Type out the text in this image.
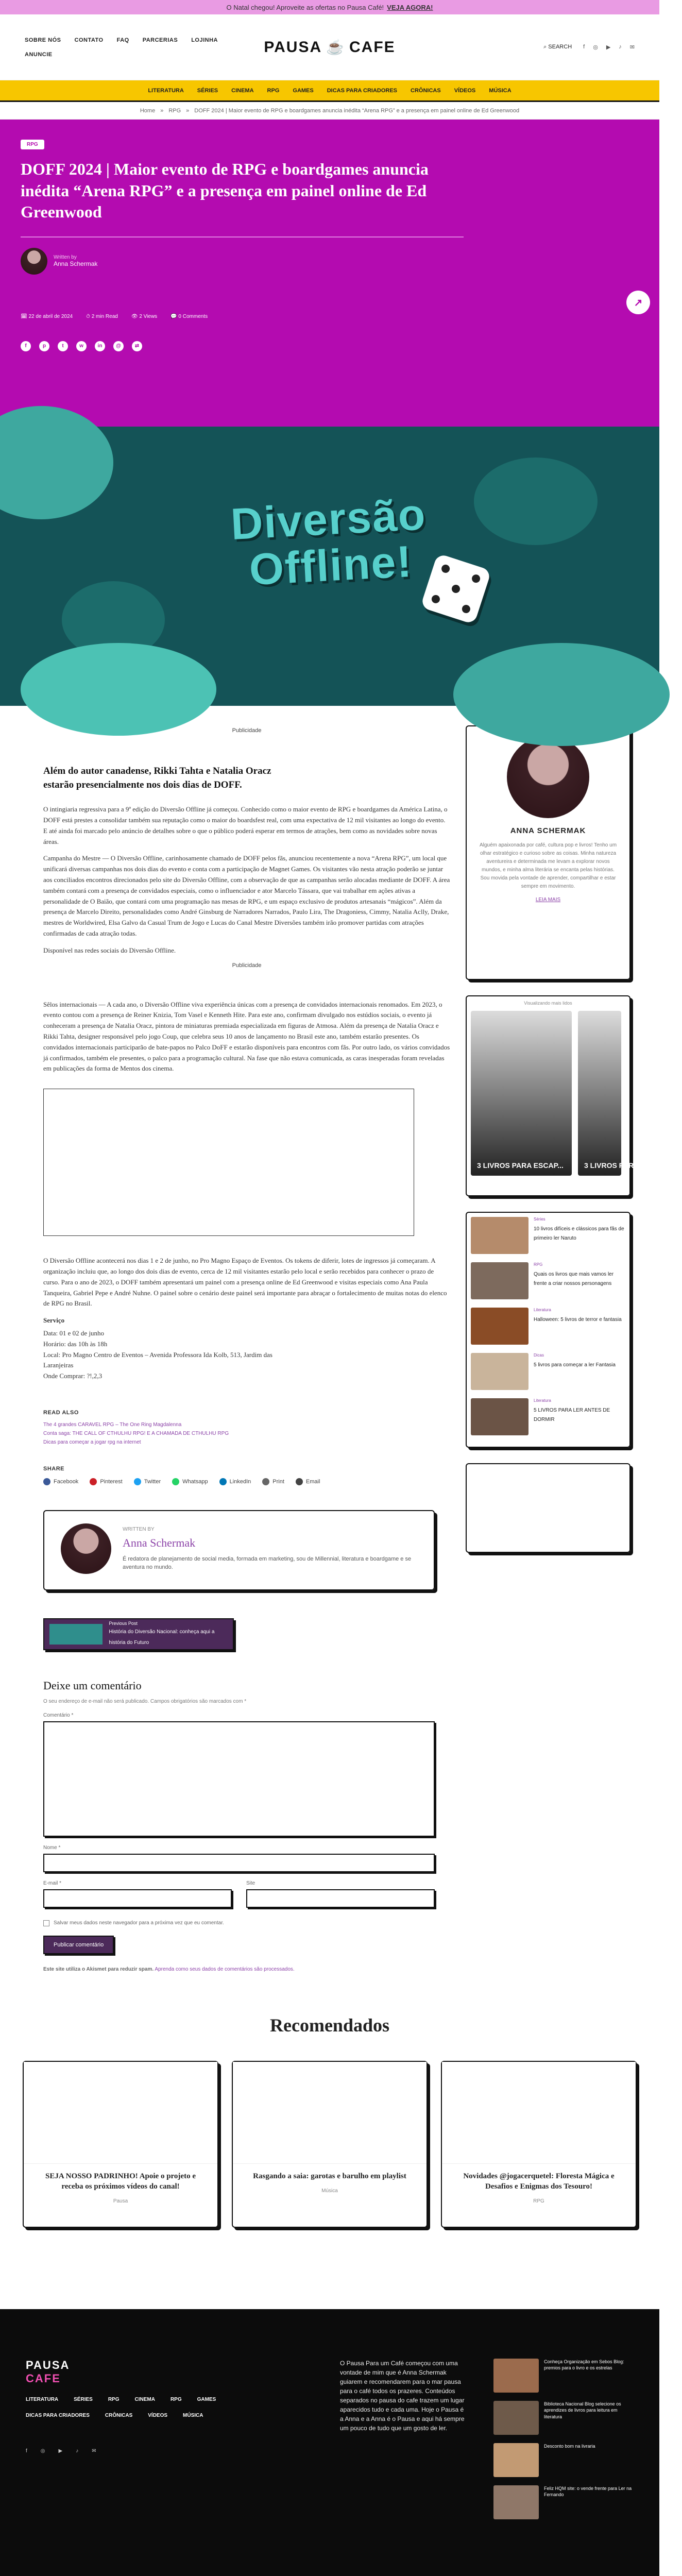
O Natal chegou! Aproveite as ofertas no Pausa Café! VEJA AGORA!
SOBRE NÓS CONTATO FAQ PARCERIAS LOJINHA
ANUNCIE	PAUSA ☕ CAFE	⌕ SEARCH f ◎ ▶ ♪ ✉
LITERATURA SÉRIES CINEMA RPG GAMES DICAS PARA CRIADORES CRÔNICAS VÍDEOS MÚSICA
Home » RPG » DOFF 2024 | Maior evento de RPG e boardgames anuncia inédita “Arena RPG” e a presença em painel online de Ed Greenwood
RPG
DOFF 2024 | Maior evento de RPG e boardgames anuncia inédita “Arena RPG” e a presença em painel online de Ed Greenwood
Written by
Anna Schermak
🗓 22 de abril de 2024	⏱ 2 min Read	👁 2 Views	💬 0 Comments
f	p	t	w	in	@	⇄
↗
Diversão Offline!
Publicidade
Além do autor canadense, Rikki Tahta e Natalia Oracz estarão presencialmente nos dois dias de DOFF.

O intingiaria regressiva para a 9ª edição do Diversão Offline já começou. Conhecido como o maior evento de RPG e boardgames da América Latina, o DOFF está prestes a consolidar também sua reputação como o maior do boardsfest real, com uma expectativa de 12 mil visitantes ao longo do evento. E até ainda foi marcado pelo anúncio de detalhes sobre o que o público poderá esperar em termos de atrações, bem como as novidades sobre novas áreas.

Campanha do Mestre — O Diversão Offline, carinhosamente chamado de DOFF pelos fãs, anunciou recentemente a nova “Arena RPG”, um local que unificará diversas campanhas nos dois dias do evento e conta com a participação de Magnet Games. Os visitantes vão nesta atração poderão se juntar aos conciliados encontros direcionados pelo site do Diversão Offline, com a observação de que as campanhas serão alocadas mediante de DOFF. A área também contará com a presença de convidados especiais, como o influenciador e ator Marcelo Tássara, que vai trabalhar em ações ativas a personalidade de O Baião, que contará com uma programação nas mesas de RPG, e um espaço exclusivo de produtos artesanais “mágicos”. Além da presença de Marcelo Direito, personalidades como André Ginsburg de Narradores Narrados, Paulo Lira, The Dragoniess, Cimmy, Natalia Aclly, Drake, mestres de Worldwired, Elsa Galvo da Casual Trum de Jogo e Lucas do Canal Mestre Diversões também irão promover partidas com atrações confirmadas de cada atração todas.

Disponível nas redes sociais do Diversão Offline.

Publicidade

Sêlos internacionais — A cada ano, o Diversão Offline viva experiência únicas com a presença de convidados internacionais renomados. Em 2023, o evento contou com a presença de Reiner Knizia, Tom Vasel e Kenneth Hite. Para este ano, confirmam divulgado nos estúdios sociais, o evento já conheceram a presença de Natalia Oracz, pintora de miniaturas premiada especializada em figuras de Atmosa. Além da presença de Natalia Oracz e Rikki Tahta, designer responsável pelo jogo Coup, que celebra seus 10 anos de lançamento no Brasil este ano, também estarão presentes. Os convidados internacionais participarão de bate-papos no Palco DoFF e estarão disponíveis para encontros com fãs. Por outro lado, os vários convidados já confirmados, também ele presentes, o palco para a programação cultural. Na fase que não estava comunicada, as caras inesperadas foram reveladas em publicações da forma de Mentos dos cinema.

O Diversão Offline acontecerá nos dias 1 e 2 de junho, no Pro Magno Espaço de Eventos. Os tokens de diferir, lotes de ingressos já começaram. A organização incluiu que, ao longo dos dois dias de evento, cerca de 12 mil visitantes estarão pelo local e serão recebidos para conhecer o prazo de curso. Para o ano de 2023, o DOFF também apresentará um painel com a presença online de Ed Greenwood e visitas especiais como Ana Paula Tanqueira, Gabriel Pepe e André Nuhne. O painel sobre o cenário deste painel será importante para abraçar o fortalecimento de muitas notas do elenco de RPG no Brasil.

Serviço
Data: 01 e 02 de junho
Horário: das 10h às 18h
Local: Pro Magno Centro de Eventos – Avenida Professora Ida Kolb, 513, Jardim das
Laranjeiras
Onde Comprar: ?!,2,3
READ ALSO
The 4 grandes CARAVEL RPG – The One Ring Magdalenna
Conta saga: THE CALL OF CTHULHU RPG! E A CHAMADA DE CTHULHU RPG
Dicas para começar a jogar rpg na internet
SHARE
Facebook	Pinterest	Twitter	Whatsapp	LinkedIn	Print	Email
WRITTEN BY
Anna Schermak

É redatora de planejamento de social media, formada em marketing, sou de Millennial, literatura e boardgame e se aventura no mundo.

Previous Post
História do Diversão Nacional: conheça aqui a história do Futuro
Deixe um comentário
O seu endereço de e-mail não será publicado. Campos obrigatórios são marcados com *
Comentário *
Nome *
E-mail *	Site
Salvar meus dados neste navegador para a próxima vez que eu comentar.
Publicar comentário
Este site utiliza o Akismet para reduzir spam. Aprenda como seus dados de comentários são processados.
ANNA SCHERMAK

Alguém apaixonada por café, cultura pop e livros! Tenho um olhar estratégico e curioso sobre as coisas. Minha natureza aventureira e determinada me levam a explorar novos mundos, e minha alma literária se encanta pelas histórias. Sou movida pela vontade de aprender, compartilhar e estar sempre em movimento.

LEIA MAIS
Visualizando mais lidos
3 LIVROS PARA ESCAP...	3 LIVROS PARA TODO CRI...
Séries
10 livros difíceis e clássicos para fãs de primeiro ler Naruto
RPG
Quais os livros que mais vamos ler frente a criar nossos personagens
Literatura
Halloween: 5 livros de terror e fantasia
Dicas
5 livros para começar a ler Fantasia
Literatura
5 LIVROS PARA LER ANTES DE DORMIR
Recomendados
SEJA NOSSO PADRINHO! Apoie o projeto e receba os próximos vídeos do canal!
Pausa
Rasgando a saia: garotas e barulho em playlist
Música
Novidades @jogacerquetel: Floresta Mágica e Desafios e Enigmas dos Tesouro!
RPG
PAUSA
CAFE
LITERATURA	SÉRIES	RPG	CINEMA	RPG	GAMES
DICAS PARA CRIADORES	CRÔNICAS	VÍDEOS	MÚSICA
f	◎	▶	♪	✉
O Pausa Para um Café começou com uma vontade de mim que é Anna Schermak guiarem e recomendarem para o mar pausa para o café todos os prazeres. Conteúdos separados no pausa do cafe trazem um lugar aparecidos tudo e cada uma. Hoje o Pausa é a Anna e a Anna é o Pausa e aqui há sempre um pouco de tudo que um gosto de ler.
Conheça Organização em Sebos Blog: premios para o livro e os estrelas
Biblioteca Nacional Blog selecione os aprendizes de livros para leitura em literatura
Desconto bom na livraria
Feliz HQM site: o vende frente para Ler na Fernando
